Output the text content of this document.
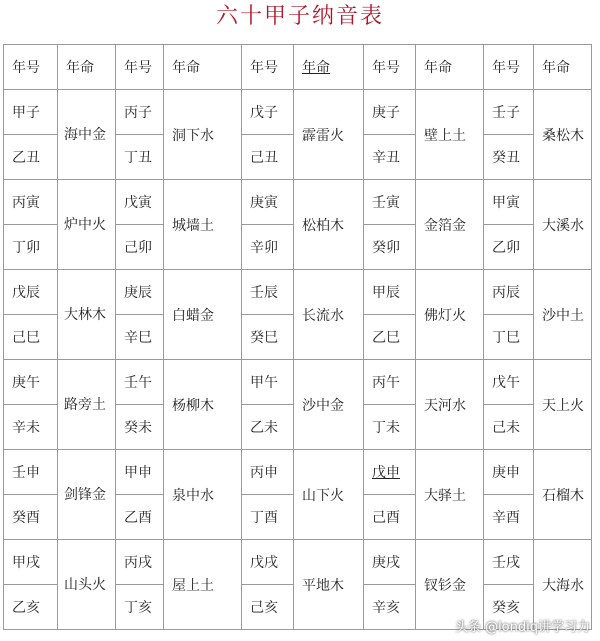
六十甲子纳音表
年号	年命	年号	年命	年号	年命	年号	年命	年号	年命
甲子	海中金	丙子	洞下水	戊子	霹雷火	庚子	壁上土	壬子	桑松木
乙丑		丁丑		己丑		辛丑		癸丑	
丙寅	炉中火	戊寅	城墙土	庚寅	松柏木	壬寅	金箔金	甲寅	大溪水
丁卯		己卯		辛卯		癸卯		乙卯	
戊辰	大林木	庚辰	白蜡金	壬辰	长流水	甲辰	佛灯火	丙辰	沙中土
己巳		辛巳		癸巳		乙巳		丁巳	
庚午	路旁土	壬午	杨柳木	甲午	沙中金	丙午	天河水	戊午	天上火
辛未		癸未		乙未		丁未		己未	
壬申	剑锋金	甲申	泉中水	丙申	山下火	戊申	大驿土	庚申	石榴木
癸酉		乙酉		丁酉		己酉		辛酉	
甲戌	山头火	丙戌	屋上土	戊戌	平地木	庚戌	钗钐金	壬戌	大海水
乙亥		丁亥		己亥		辛亥		癸亥	
头条 @londiq讲学习力
